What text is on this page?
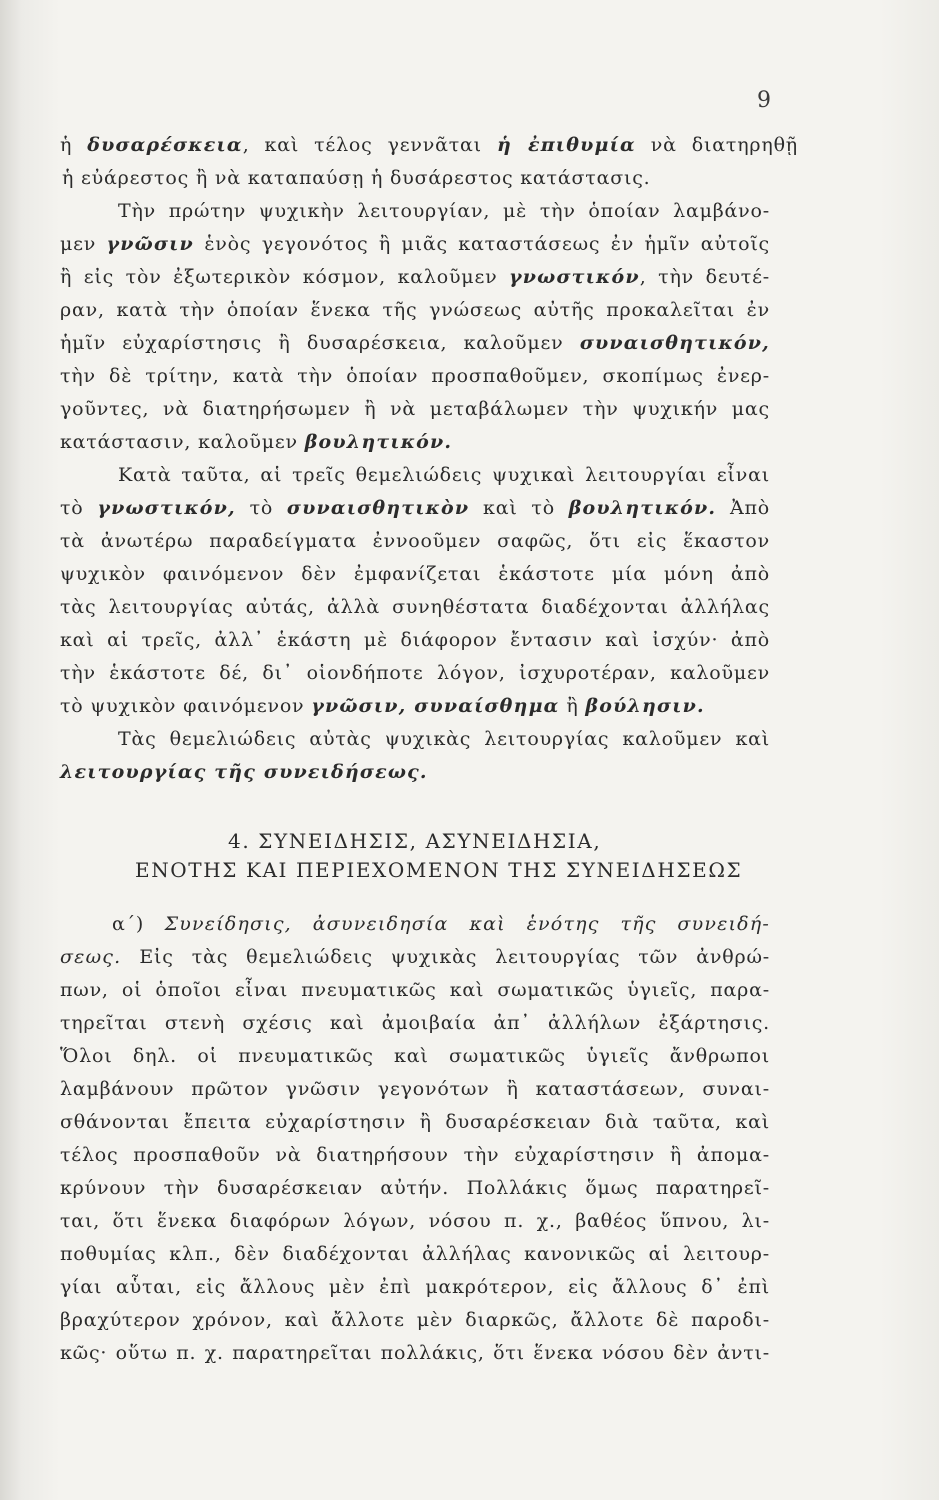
9
ἡ δυσαρέσκεια, καὶ τέλος γεννᾶται ἡ ἐπιθυμία νὰ διατηρηθῇ
ἡ εὐάρεστος ἢ νὰ καταπαύσῃ ἡ δυσάρεστος κατάστασις.
Τὴν πρώτην ψυχικὴν λειτουργίαν, μὲ τὴν ὁποίαν λαμβάνο-
μεν γνῶσιν ἑνὸς γεγονότος ἢ μιᾶς καταστάσεως ἐν ἡμῖν αὐτοῖς
ἢ εἰς τὸν ἐξωτερικὸν κόσμον, καλοῦμεν γνωστικόν, τὴν δευτέ-
ραν, κατὰ τὴν ὁποίαν ἕνεκα τῆς γνώσεως αὐτῆς προκαλεῖται ἐν
ἡμῖν εὐχαρίστησις ἢ δυσαρέσκεια, καλοῦμεν συναισθητικόν,
τὴν δὲ τρίτην, κατὰ τὴν ὁποίαν προσπαθοῦμεν, σκοπίμως ἐνερ-
γοῦντες, νὰ διατηρήσωμεν ἢ νὰ μεταβάλωμεν τὴν ψυχικήν μας
κατάστασιν, καλοῦμεν βουλητικόν.
Κατὰ ταῦτα, αἱ τρεῖς θεμελιώδεις ψυχικαὶ λειτουργίαι εἶναι
τὸ γνωστικόν, τὸ συναισθητικὸν καὶ τὸ βουλητικόν. Ἀπὸ
τὰ ἀνωτέρω παραδείγματα ἐννοοῦμεν σαφῶς, ὅτι εἰς ἕκαστον
ψυχικὸν φαινόμενον δὲν ἐμφανίζεται ἑκάστοτε μία μόνη ἀπὸ
τὰς λειτουργίας αὐτάς, ἀλλὰ συνηθέστατα διαδέχονται ἀλλήλας
καὶ αἱ τρεῖς, ἀλλ᾽ ἑκάστη μὲ διάφορον ἔντασιν καὶ ἰσχύν· ἀπὸ
τὴν ἑκάστοτε δέ, δι᾽ οἱονδήποτε λόγον, ἰσχυροτέραν, καλοῦμεν
τὸ ψυχικὸν φαινόμενον γνῶσιν, συναίσθημα ἢ βούλησιν.
Τὰς θεμελιώδεις αὐτὰς ψυχικὰς λειτουργίας καλοῦμεν καὶ
λειτουργίας τῆς συνειδήσεως.
4. ΣΥΝΕΙΔΗΣΙΣ, ΑΣΥΝΕΙΔΗΣΙΑ,
ΕΝΟΤΗΣ ΚΑΙ ΠΕΡΙΕΧΟΜΕΝΟΝ ΤΗΣ ΣΥΝΕΙΔΗΣΕΩΣ
α΄) Συνείδησις, ἀσυνειδησία καὶ ἑνότης τῆς συνειδή-
σεως. Εἰς τὰς θεμελιώδεις ψυχικὰς λειτουργίας τῶν ἀνθρώ-
πων, οἱ ὁποῖοι εἶναι πνευματικῶς καὶ σωματικῶς ὑγιεῖς, παρα-
τηρεῖται στενὴ σχέσις καὶ ἀμοιβαία ἀπ᾽ ἀλλήλων ἐξάρτησις.
Ὅλοι δηλ. οἱ πνευματικῶς καὶ σωματικῶς ὑγιεῖς ἄνθρωποι
λαμβάνουν πρῶτον γνῶσιν γεγονότων ἢ καταστάσεων, συναι-
σθάνονται ἔπειτα εὐχαρίστησιν ἢ δυσαρέσκειαν διὰ ταῦτα, καὶ
τέλος προσπαθοῦν νὰ διατηρήσουν τὴν εὐχαρίστησιν ἢ ἀπομα-
κρύνουν τὴν δυσαρέσκειαν αὐτήν. Πολλάκις ὅμως παρατηρεῖ-
ται, ὅτι ἕνεκα διαφόρων λόγων, νόσου π. χ., βαθέος ὕπνου, λι-
ποθυμίας κλπ., δὲν διαδέχονται ἀλλήλας κανονικῶς αἱ λειτουρ-
γίαι αὗται, εἰς ἄλλους μὲν ἐπὶ μακρότερον, εἰς ἄλλους δ᾽ ἐπὶ
βραχύτερον χρόνον, καὶ ἄλλοτε μὲν διαρκῶς, ἄλλοτε δὲ παροδι-
κῶς· οὕτω π. χ. παρατηρεῖται πολλάκις, ὅτι ἕνεκα νόσου δὲν ἀντι-
